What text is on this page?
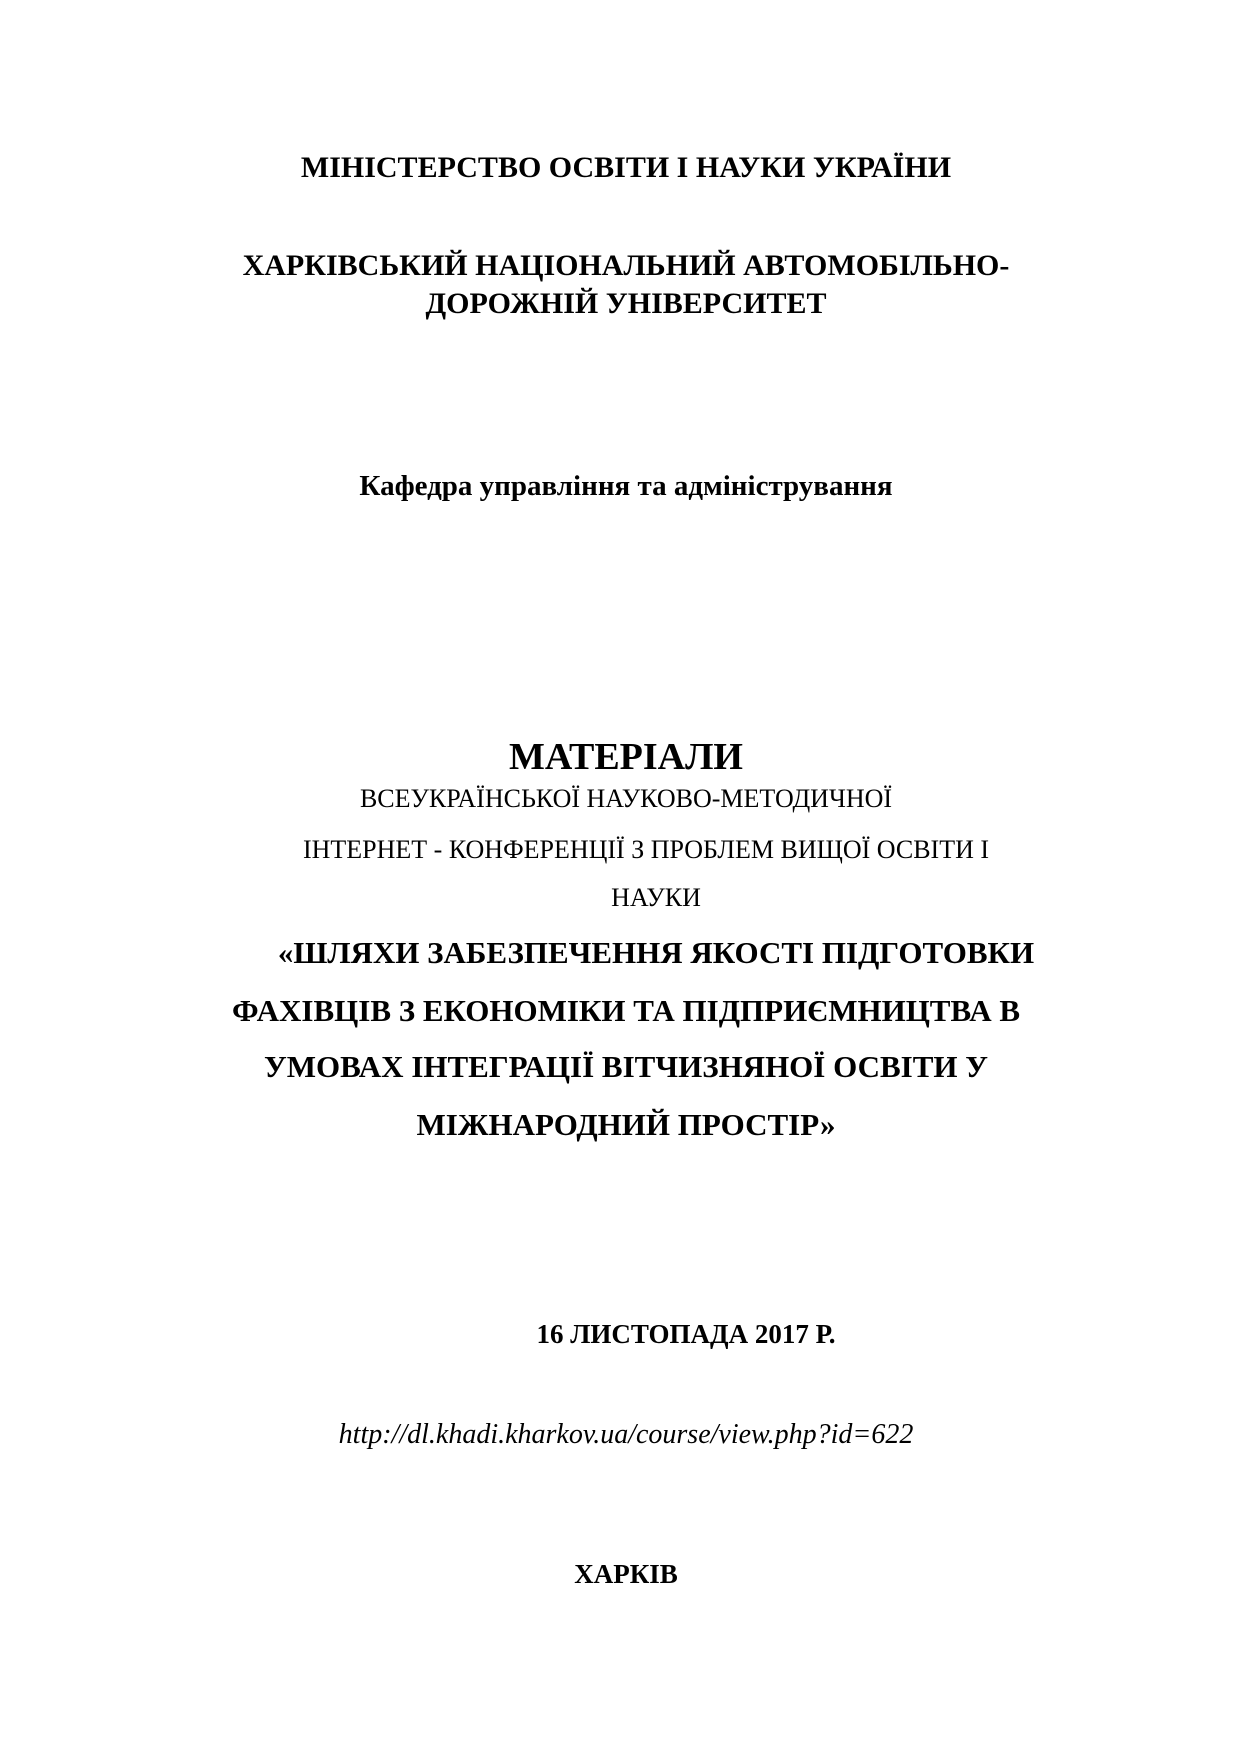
МІНІСТЕРСТВО ОСВІТИ І НАУКИ УКРАЇНИ
ХАРКІВСЬКИЙ НАЦІОНАЛЬНИЙ АВТОМОБІЛЬНО-
ДОРОЖНІЙ УНІВЕРСИТЕТ
Кафедра управління та адміністрування
МАТЕРІАЛИ
ВСЕУКРАЇНСЬКОЇ НАУКОВО-МЕТОДИЧНОЇ
ІНТЕРНЕТ - КОНФЕРЕНЦІЇ З ПРОБЛЕМ ВИЩОЇ ОСВІТИ І
НАУКИ
«ШЛЯХИ ЗАБЕЗПЕЧЕННЯ ЯКОСТІ ПІДГОТОВКИ
ФАХІВЦІВ З ЕКОНОМІКИ ТА ПІДПРИЄМНИЦТВА В
УМОВАХ ІНТЕГРАЦІЇ ВІТЧИЗНЯНОЇ ОСВІТИ У
МІЖНАРОДНИЙ ПРОСТІР»
16 ЛИСТОПАДА 2017 Р.
http://dl.khadi.kharkov.ua/course/view.php?id=622
ХАРКІВ
